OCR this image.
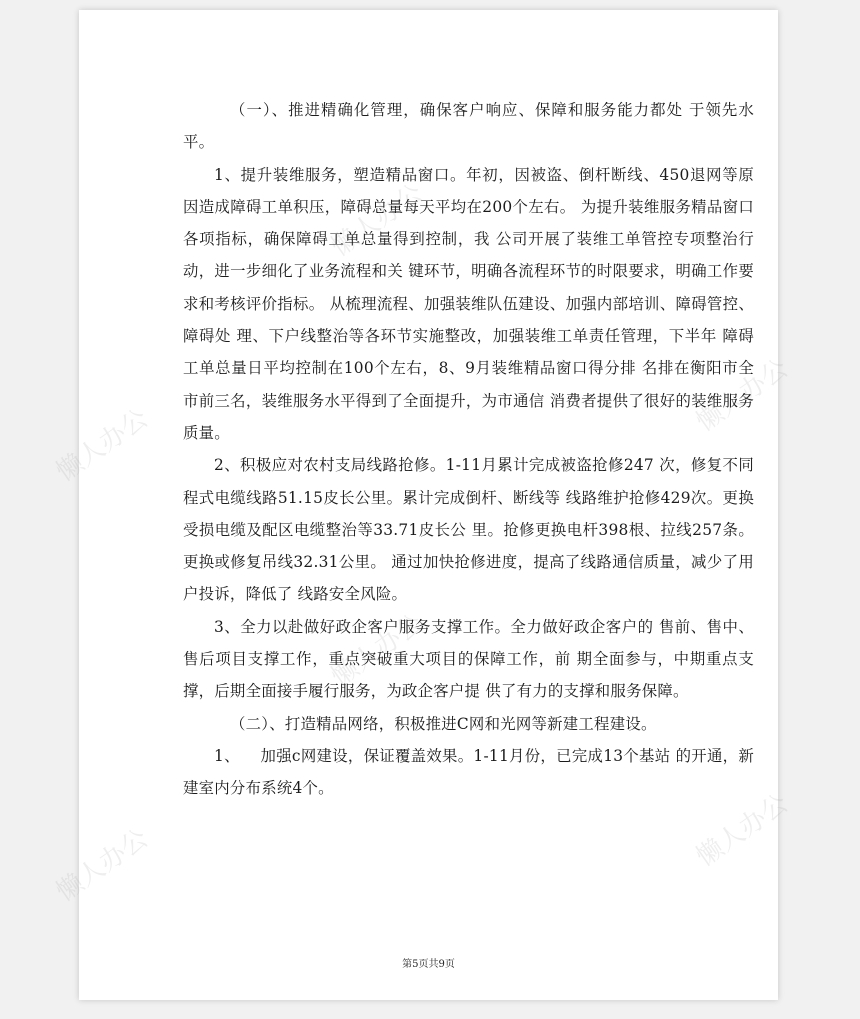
懒人办公
懒人办公
懒人办公
懒人办公
懒人办公
懒人办公

（一）、推进精确化管理，确保客户响应、保障和服务能力都处 于领先水平。

1、提升装维服务，塑造精品窗口。年初，因被盗、倒杆断线、450退网等原因造成障碍工单积压，障碍总量每天平均在200个左右。 为提升装维服务精品窗口各项指标，确保障碍工单总量得到控制，我 公司开展了装维工单管控专项整治行动，进一步细化了业务流程和关 键环节，明确各流程环节的时限要求，明确工作要求和考核评价指标。 从梳理流程、加强装维队伍建设、加强内部培训、障碍管控、障碍处 理、下户线整治等各环节实施整改，加强装维工单责任管理，下半年 障碍工单总量日平均控制在100个左右，8、9月装维精品窗口得分排 名排在衡阳市全市前三名，装维服务水平得到了全面提升，为市通信 消费者提供了很好的装维服务质量。

2、积极应对农村支局线路抢修。1-11月累计完成被盗抢修247 次，修复不同程式电缆线路51.15皮长公里。累计完成倒杆、断线等 线路维护抢修429次。更换受损电缆及配区电缆整治等33.71皮长公 里。抢修更换电杆398根、拉线257条。更换或修复吊线32.31公里。 通过加快抢修进度，提高了线路通信质量，减少了用户投诉，降低了 线路安全风险。

3、全力以赴做好政企客户服务支撑工作。全力做好政企客户的 售前、售中、售后项目支撑工作，重点突破重大项目的保障工作，前 期全面参与，中期重点支撑，后期全面接手履行服务，为政企客户提 供了有力的支撑和服务保障。

（二）、打造精品网络，积极推进C网和光网等新建工程建设。

1、    加强c网建设，保证覆盖效果。1-11月份，已完成13个基站 的开通，新建室内分布系统4个。

第5页共9页
